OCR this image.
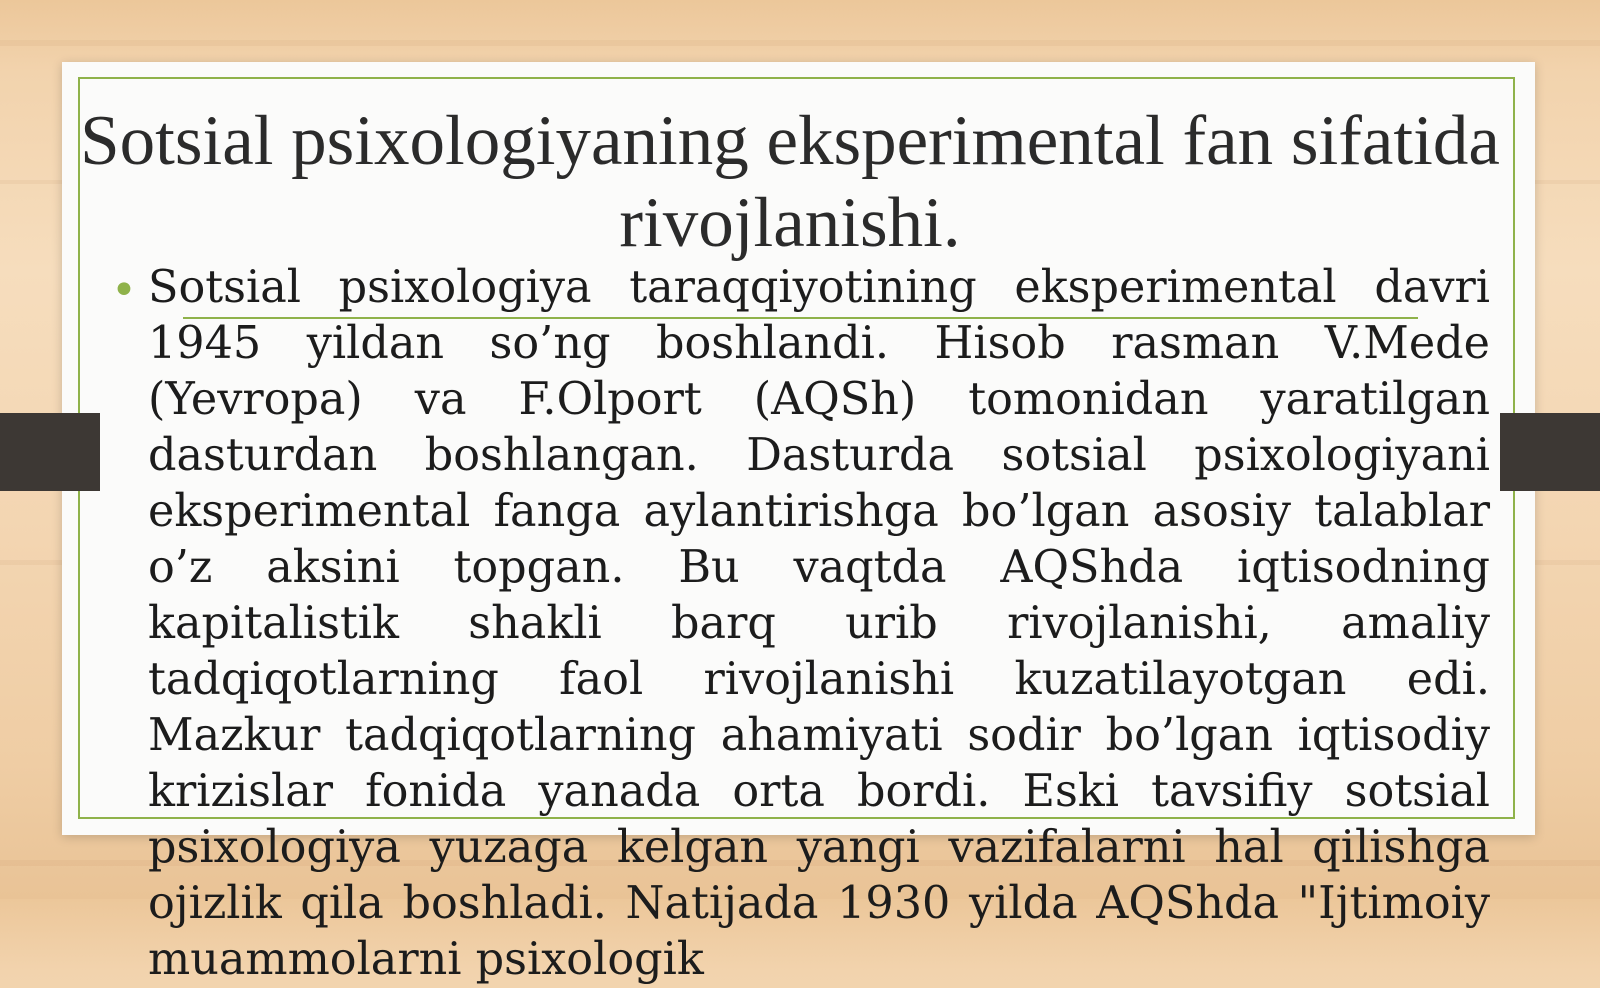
Sotsial psixologiyaning eksperimental fan sifatida rivojlanishi.
• Sotsial psixologiya taraqqiyotining eksperimental davri 1945 yildan so’ng boshlandi. Hisob rasman V.Mede (Yevropa) va F.Olport (AQSh) tomonidan yaratilgan dasturdan boshlangan. Dasturda sotsial psixologiyani eksperimental fanga aylantirishga bo’lgan asosiy talablar o’z aksini topgan. Bu vaqtda AQShda iqtisodning kapitalistik shakli barq urib rivojlanishi, amaliy tadqiqotlarning faol rivojlanishi kuzatilayotgan edi. Mazkur tadqiqotlarning ahamiyati sodir bo’lgan iqtisodiy krizislar fonida yanada orta bordi. Eski tavsifiy sotsial psixologiya yuzaga kelgan yangi vazifalarni hal qilishga ojizlik qila boshladi. Natijada 1930 yilda AQShda "Ijtimoiy muammolarni psixologik
